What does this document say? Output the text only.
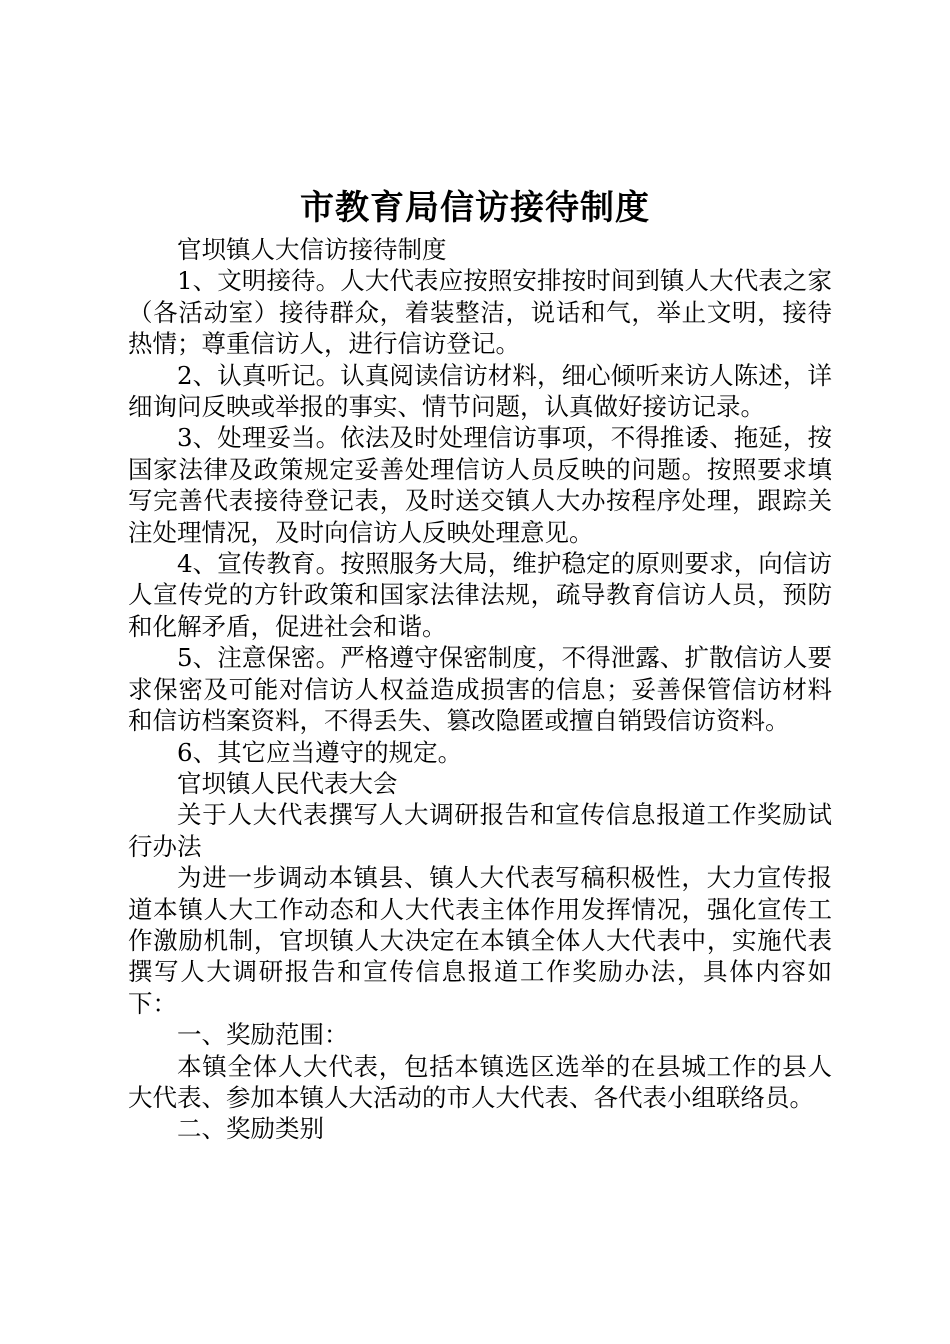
市教育局信访接待制度

官坝镇人大信访接待制度

1、文明接待。人大代表应按照安排按时间到镇人大代表之家（各活动室）接待群众，着装整洁，说话和气，举止文明，接待热情；尊重信访人，进行信访登记。

2、认真听记。认真阅读信访材料，细心倾听来访人陈述，详细询问反映或举报的事实、情节问题，认真做好接访记录。

3、处理妥当。依法及时处理信访事项，不得推诿、拖延，按国家法律及政策规定妥善处理信访人员反映的问题。按照要求填写完善代表接待登记表，及时送交镇人大办按程序处理，跟踪关注处理情况，及时向信访人反映处理意见。

4、宣传教育。按照服务大局，维护稳定的原则要求，向信访人宣传党的方针政策和国家法律法规，疏导教育信访人员，预防和化解矛盾，促进社会和谐。

5、注意保密。严格遵守保密制度，不得泄露、扩散信访人要求保密及可能对信访人权益造成损害的信息；妥善保管信访材料和信访档案资料，不得丢失、篡改隐匿或擅自销毁信访资料。

6、其它应当遵守的规定。

官坝镇人民代表大会

关于人大代表撰写人大调研报告和宣传信息报道工作奖励试行办法

为进一步调动本镇县、镇人大代表写稿积极性，大力宣传报道本镇人大工作动态和人大代表主体作用发挥情况，强化宣传工作激励机制，官坝镇人大决定在本镇全体人大代表中，实施代表撰写人大调研报告和宣传信息报道工作奖励办法，具体内容如下：

一、奖励范围：

本镇全体人大代表，包括本镇选区选举的在县城工作的县人大代表、参加本镇人大活动的市人大代表、各代表小组联络员。

二、奖励类别
